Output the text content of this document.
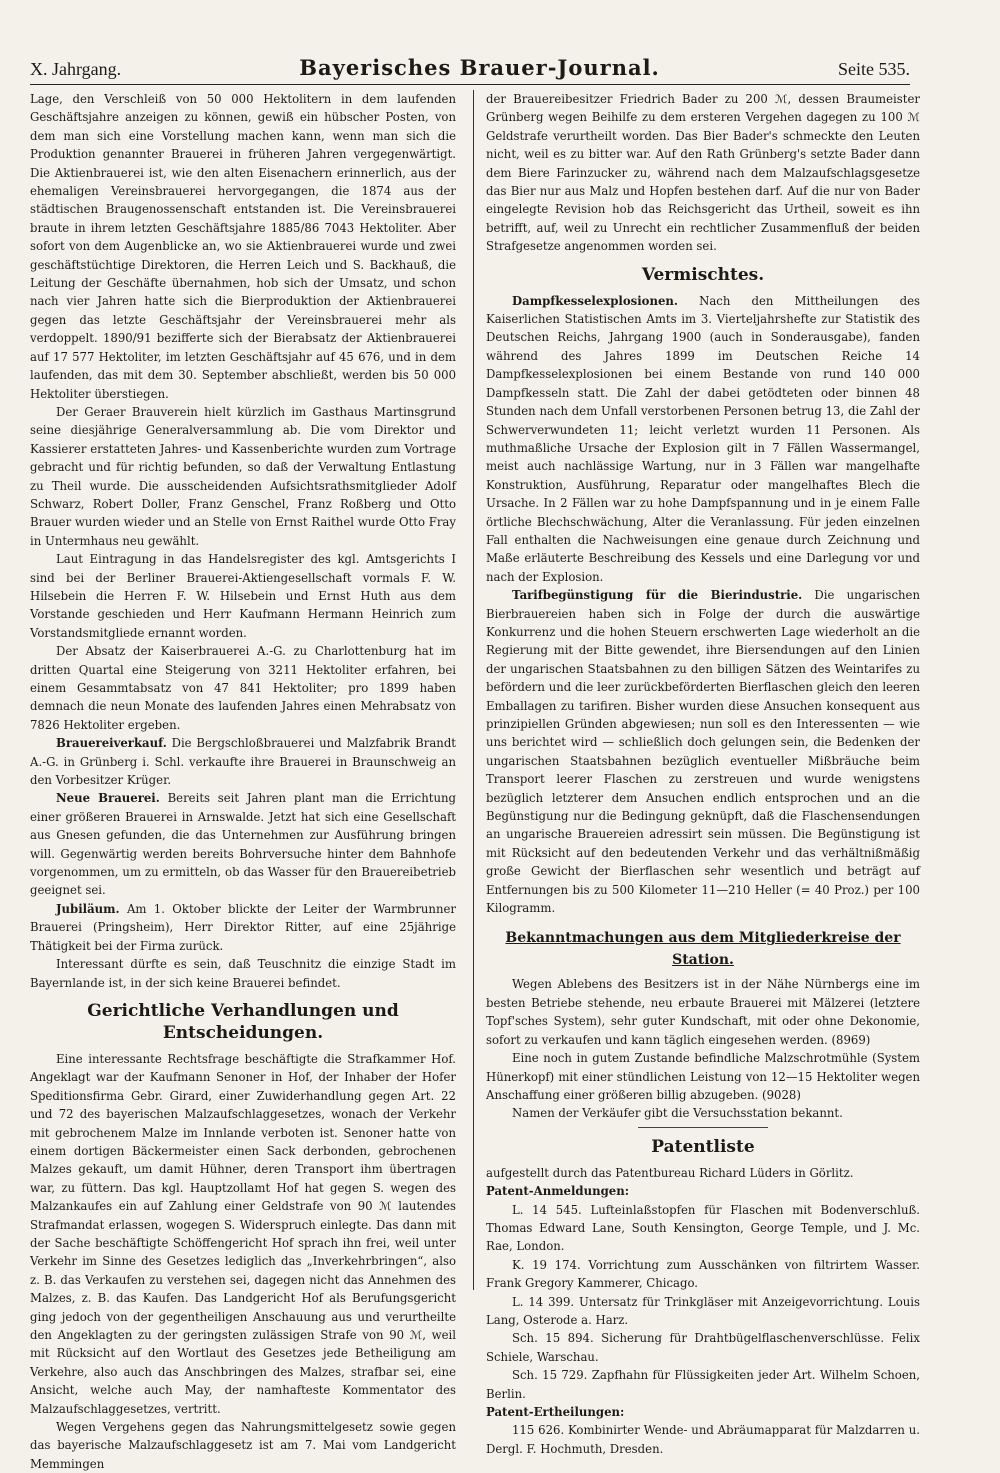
X. Jahrgang.	Bayerisches Brauer-Journal.	Seite 535.

Lage, den Verschleiß von 50 000 Hektolitern in dem laufenden Geschäftsjahre anzeigen zu können, gewiß ein hübscher Posten, von dem man sich eine Vorstellung machen kann, wenn man sich die Produktion genannter Brauerei in früheren Jahren vergegenwärtigt. Die Aktienbrauerei ist, wie den alten Eisenachern erinnerlich, aus der ehemaligen Vereinsbrauerei hervorgegangen, die 1874 aus der städtischen Braugenossenschaft entstanden ist. Die Vereinsbrauerei braute in ihrem letzten Geschäftsjahre 1885/86 7043 Hektoliter. Aber sofort von dem Augenblicke an, wo sie Aktienbrauerei wurde und zwei geschäftstüchtige Direktoren, die Herren Leich und S. Backhauß, die Leitung der Geschäfte übernahmen, hob sich der Umsatz, und schon nach vier Jahren hatte sich die Bierproduktion der Aktienbrauerei gegen das letzte Geschäftsjahr der Vereinsbrauerei mehr als verdoppelt. 1890/91 bezifferte sich der Bierabsatz der Aktienbrauerei auf 17 577 Hektoliter, im letzten Geschäftsjahr auf 45 676, und in dem laufenden, das mit dem 30. September abschließt, werden bis 50 000 Hektoliter überstiegen.

Der Geraer Brauverein hielt kürzlich im Gasthaus Martinsgrund seine diesjährige Generalversammlung ab. Die vom Direktor und Kassierer erstatteten Jahres- und Kassenberichte wurden zum Vortrage gebracht und für richtig befunden, so daß der Verwaltung Entlastung zu Theil wurde. Die ausscheidenden Aufsichtsrathsmitglieder Adolf Schwarz, Robert Doller, Franz Genschel, Franz Roßberg und Otto Brauer wurden wieder und an Stelle von Ernst Raithel wurde Otto Fray in Untermhaus neu gewählt.

Laut Eintragung in das Handelsregister des kgl. Amtsgerichts I sind bei der Berliner Brauerei-Aktiengesellschaft vormals F. W. Hilsebein die Herren F. W. Hilsebein und Ernst Huth aus dem Vorstande geschieden und Herr Kaufmann Hermann Heinrich zum Vorstandsmitgliede ernannt worden.

Der Absatz der Kaiserbrauerei A.-G. zu Charlottenburg hat im dritten Quartal eine Steigerung von 3211 Hektoliter erfahren, bei einem Gesammtabsatz von 47 841 Hektoliter; pro 1899 haben demnach die neun Monate des laufenden Jahres einen Mehrabsatz von 7826 Hektoliter ergeben.

Brauereiverkauf. Die Bergschloßbrauerei und Malzfabrik Brandt A.-G. in Grünberg i. Schl. verkaufte ihre Brauerei in Braunschweig an den Vorbesitzer Krüger.

Neue Brauerei. Bereits seit Jahren plant man die Errichtung einer größeren Brauerei in Arnswalde. Jetzt hat sich eine Gesellschaft aus Gnesen gefunden, die das Unternehmen zur Ausführung bringen will. Gegenwärtig werden bereits Bohrversuche hinter dem Bahnhofe vorgenommen, um zu ermitteln, ob das Wasser für den Brauereibetrieb geeignet sei.

Jubiläum. Am 1. Oktober blickte der Leiter der Warmbrunner Brauerei (Pringsheim), Herr Direktor Ritter, auf eine 25jährige Thätigkeit bei der Firma zurück.

Interessant dürfte es sein, daß Teuschnitz die einzige Stadt im Bayernlande ist, in der sich keine Brauerei befindet.

Gerichtliche Verhandlungen und Entscheidungen.

Eine interessante Rechtsfrage beschäftigte die Strafkammer Hof. Angeklagt war der Kaufmann Senoner in Hof, der Inhaber der Hofer Speditionsfirma Gebr. Girard, einer Zuwiderhandlung gegen Art. 22 und 72 des bayerischen Malzaufschlaggesetzes, wonach der Verkehr mit gebrochenem Malze im Innlande verboten ist. Senoner hatte von einem dortigen Bäckermeister einen Sack derbonden, gebrochenen Malzes gekauft, um damit Hühner, deren Transport ihm übertragen war, zu füttern. Das kgl. Hauptzollamt Hof hat gegen S. wegen des Malzankaufes ein auf Zahlung einer Geldstrafe von 90 ℳ lautendes Strafmandat erlassen, wogegen S. Widerspruch einlegte. Das dann mit der Sache beschäftigte Schöffengericht Hof sprach ihn frei, weil unter Verkehr im Sinne des Gesetzes lediglich das „Inverkehrbringen“, also z. B. das Verkaufen zu verstehen sei, dagegen nicht das Annehmen des Malzes, z. B. das Kaufen. Das Landgericht Hof als Berufungsgericht ging jedoch von der gegentheiligen Anschauung aus und verurtheilte den Angeklagten zu der geringsten zulässigen Strafe von 90 ℳ, weil mit Rücksicht auf den Wortlaut des Gesetzes jede Betheiligung am Verkehre, also auch das Anschbringen des Malzes, strafbar sei, eine Ansicht, welche auch May, der namhafteste Kommentator des Malzaufschlaggesetzes, vertritt.

Wegen Vergehens gegen das Nahrungsmittelgesetz sowie gegen das bayerische Malzaufschlaggesetz ist am 7. Mai vom Landgericht Memmingen

der Brauereibesitzer Friedrich Bader zu 200 ℳ, dessen Braumeister Grünberg wegen Beihilfe zu dem ersteren Vergehen dagegen zu 100 ℳ Geldstrafe verurtheilt worden. Das Bier Bader's schmeckte den Leuten nicht, weil es zu bitter war. Auf den Rath Grünberg's setzte Bader dann dem Biere Farinzucker zu, während nach dem Malzaufschlagsgesetze das Bier nur aus Malz und Hopfen bestehen darf. Auf die nur von Bader eingelegte Revision hob das Reichsgericht das Urtheil, soweit es ihn betrifft, auf, weil zu Unrecht ein rechtlicher Zusammenfluß der beiden Strafgesetze angenommen worden sei.

Vermischtes.

Dampfkesselexplosionen. Nach den Mittheilungen des Kaiserlichen Statistischen Amts im 3. Vierteljahrshefte zur Statistik des Deutschen Reichs, Jahrgang 1900 (auch in Sonderausgabe), fanden während des Jahres 1899 im Deutschen Reiche 14 Dampfkesselexplosionen bei einem Bestande von rund 140 000 Dampfkesseln statt. Die Zahl der dabei getödteten oder binnen 48 Stunden nach dem Unfall verstorbenen Personen betrug 13, die Zahl der Schwerverwundeten 11; leicht verletzt wurden 11 Personen. Als muthmaßliche Ursache der Explosion gilt in 7 Fällen Wassermangel, meist auch nachlässige Wartung, nur in 3 Fällen war mangelhafte Konstruktion, Ausführung, Reparatur oder mangelhaftes Blech die Ursache. In 2 Fällen war zu hohe Dampfspannung und in je einem Falle örtliche Blechschwächung, Alter die Veranlassung. Für jeden einzelnen Fall enthalten die Nachweisungen eine genaue durch Zeichnung und Maße erläuterte Beschreibung des Kessels und eine Darlegung vor und nach der Explosion.

Tarifbegünstigung für die Bierindustrie. Die ungarischen Bierbrauereien haben sich in Folge der durch die auswärtige Konkurrenz und die hohen Steuern erschwerten Lage wiederholt an die Regierung mit der Bitte gewendet, ihre Biersendungen auf den Linien der ungarischen Staatsbahnen zu den billigen Sätzen des Weintarifes zu befördern und die leer zurückbeförderten Bierflaschen gleich den leeren Emballagen zu tarifiren. Bisher wurden diese Ansuchen konsequent aus prinzipiellen Gründen abgewiesen; nun soll es den Interessenten — wie uns berichtet wird — schließlich doch gelungen sein, die Bedenken der ungarischen Staatsbahnen bezüglich eventueller Mißbräuche beim Transport leerer Flaschen zu zerstreuen und wurde wenigstens bezüglich letzterer dem Ansuchen endlich entsprochen und an die Begünstigung nur die Bedingung geknüpft, daß die Flaschensendungen an ungarische Brauereien adressirt sein müssen. Die Begünstigung ist mit Rücksicht auf den bedeutenden Verkehr und das verhältnißmäßig große Gewicht der Bierflaschen sehr wesentlich und beträgt auf Entfernungen bis zu 500 Kilometer 11—210 Heller (= 40 Proz.) per 100 Kilogramm.

Bekanntmachungen aus dem Mitgliederkreise der Station.

Wegen Ablebens des Besitzers ist in der Nähe Nürnbergs eine im besten Betriebe stehende, neu erbaute Brauerei mit Mälzerei (letztere Topf'sches System), sehr guter Kundschaft, mit oder ohne Dekonomie, sofort zu verkaufen und kann täglich eingesehen werden. (8969)

Eine noch in gutem Zustande befindliche Malzschrotmühle (System Hünerkopf) mit einer stündlichen Leistung von 12—15 Hektoliter wegen Anschaffung einer größeren billig abzugeben. (9028)

Namen der Verkäufer gibt die Versuchsstation bekannt.

Patentliste

aufgestellt durch das Patentbureau Richard Lüders in Görlitz.

Patent-Anmeldungen:

L. 14 545. Lufteinlaßstopfen für Flaschen mit Bodenverschluß. Thomas Edward Lane, South Kensington, George Temple, und J. Mc. Rae, London.

K. 19 174. Vorrichtung zum Ausschänken von filtrirtem Wasser. Frank Gregory Kammerer, Chicago.

L. 14 399. Untersatz für Trinkgläser mit Anzeigevorrichtung. Louis Lang, Osterode a. Harz.

Sch. 15 894. Sicherung für Drahtbügelflaschenverschlüsse. Felix Schiele, Warschau.

Sch. 15 729. Zapfhahn für Flüssigkeiten jeder Art. Wilhelm Schoen, Berlin.

Patent-Ertheilungen:

115 626. Kombinirter Wende- und Abräumapparat für Malzdarren u. Dergl. F. Hochmuth, Dresden.
